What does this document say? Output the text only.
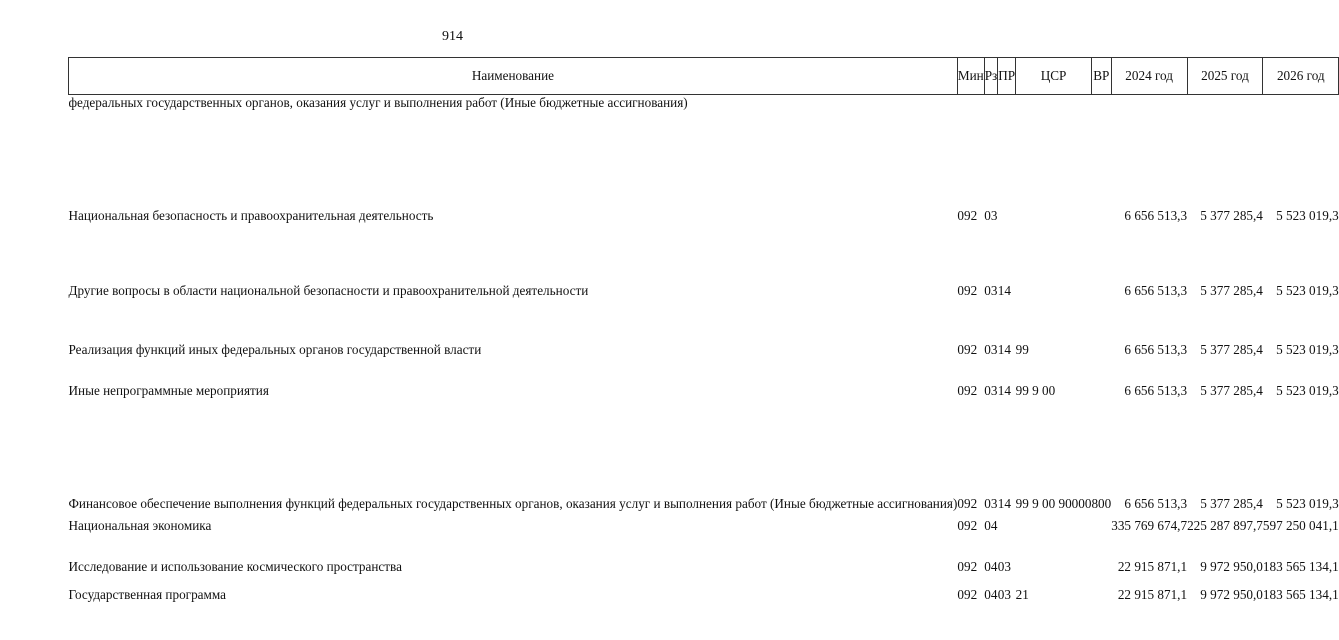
914
Наименование	Мин	Рз	ПР	ЦСР	ВР	2024 год	2025 год	2026 год
федеральных государственных органов, оказания услуг и выполнения работ (Иные бюджетные ассигнования)								
Национальная безопасность и правоохранительная деятельность	092	03				6 656 513,3	5 377 285,4	5 523 019,3
Другие вопросы в области национальной безопасности и правоохранительной деятельности	092	03	14			6 656 513,3	5 377 285,4	5 523 019,3
Реализация функций иных федеральных органов государственной власти	092	03	14	99		6 656 513,3	5 377 285,4	5 523 019,3
Иные непрограммные мероприятия	092	03	14	99 9 00		6 656 513,3	5 377 285,4	5 523 019,3
Финансовое обеспечение выполнения функций федеральных государственных органов, оказания услуг и выполнения работ (Иные бюджетные ассигнования)	092	03	14	99 9 00 90000	800	6 656 513,3	5 377 285,4	5 523 019,3
Национальная экономика	092	04				335 769 674,7	225 287 897,7	597 250 041,1
Исследование и использование космического пространства	092	04	03			22 915 871,1	9 972 950,0	183 565 134,1
Государственная программа	092	04	03	21		22 915 871,1	9 972 950,0	183 565 134,1
